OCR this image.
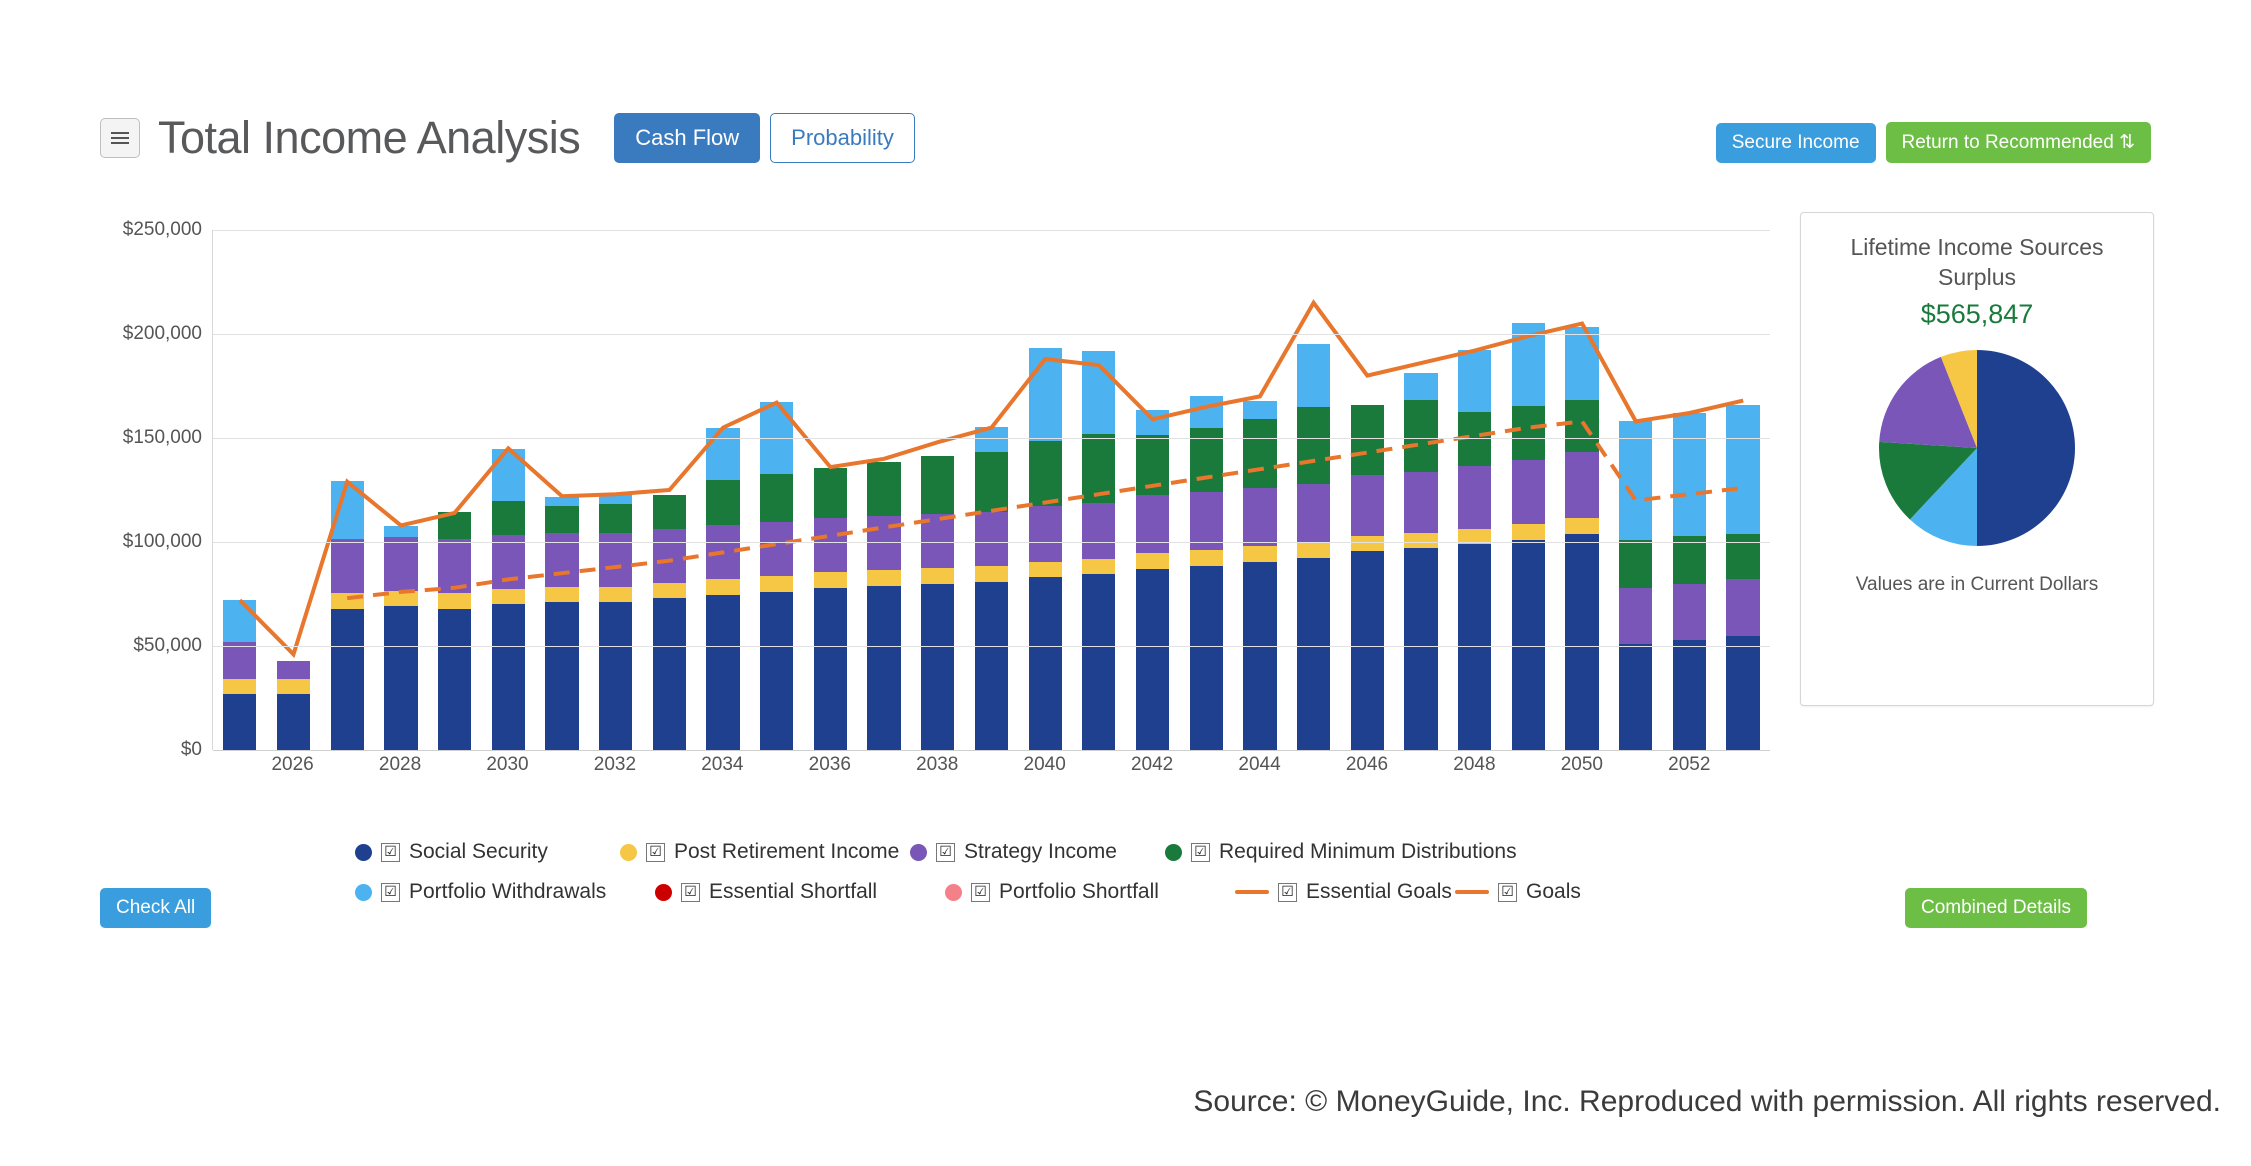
Total Income Analysis	Cash Flow	Probability	Secure Income	Return to Recommended ⇅
$0
$50,000
$100,000
$150,000
$200,000
$250,000
2026	2028	2030	2032	2034	2036	2038	2040	2042	2044	2046	2048	2050	2052
☑ Social Security	☑ Post Retirement Income	☑ Strategy Income	☑ Required Minimum Distributions
☑ Portfolio Withdrawals	☑ Essential Shortfall	☑ Portfolio Shortfall	☑ Essential Goals	☑ Goals
Check All	Combined Details
Lifetime Income Sources
Surplus
$565,847
Values are in Current Dollars
Source: © MoneyGuide, Inc. Reproduced with permission. All rights reserved.
